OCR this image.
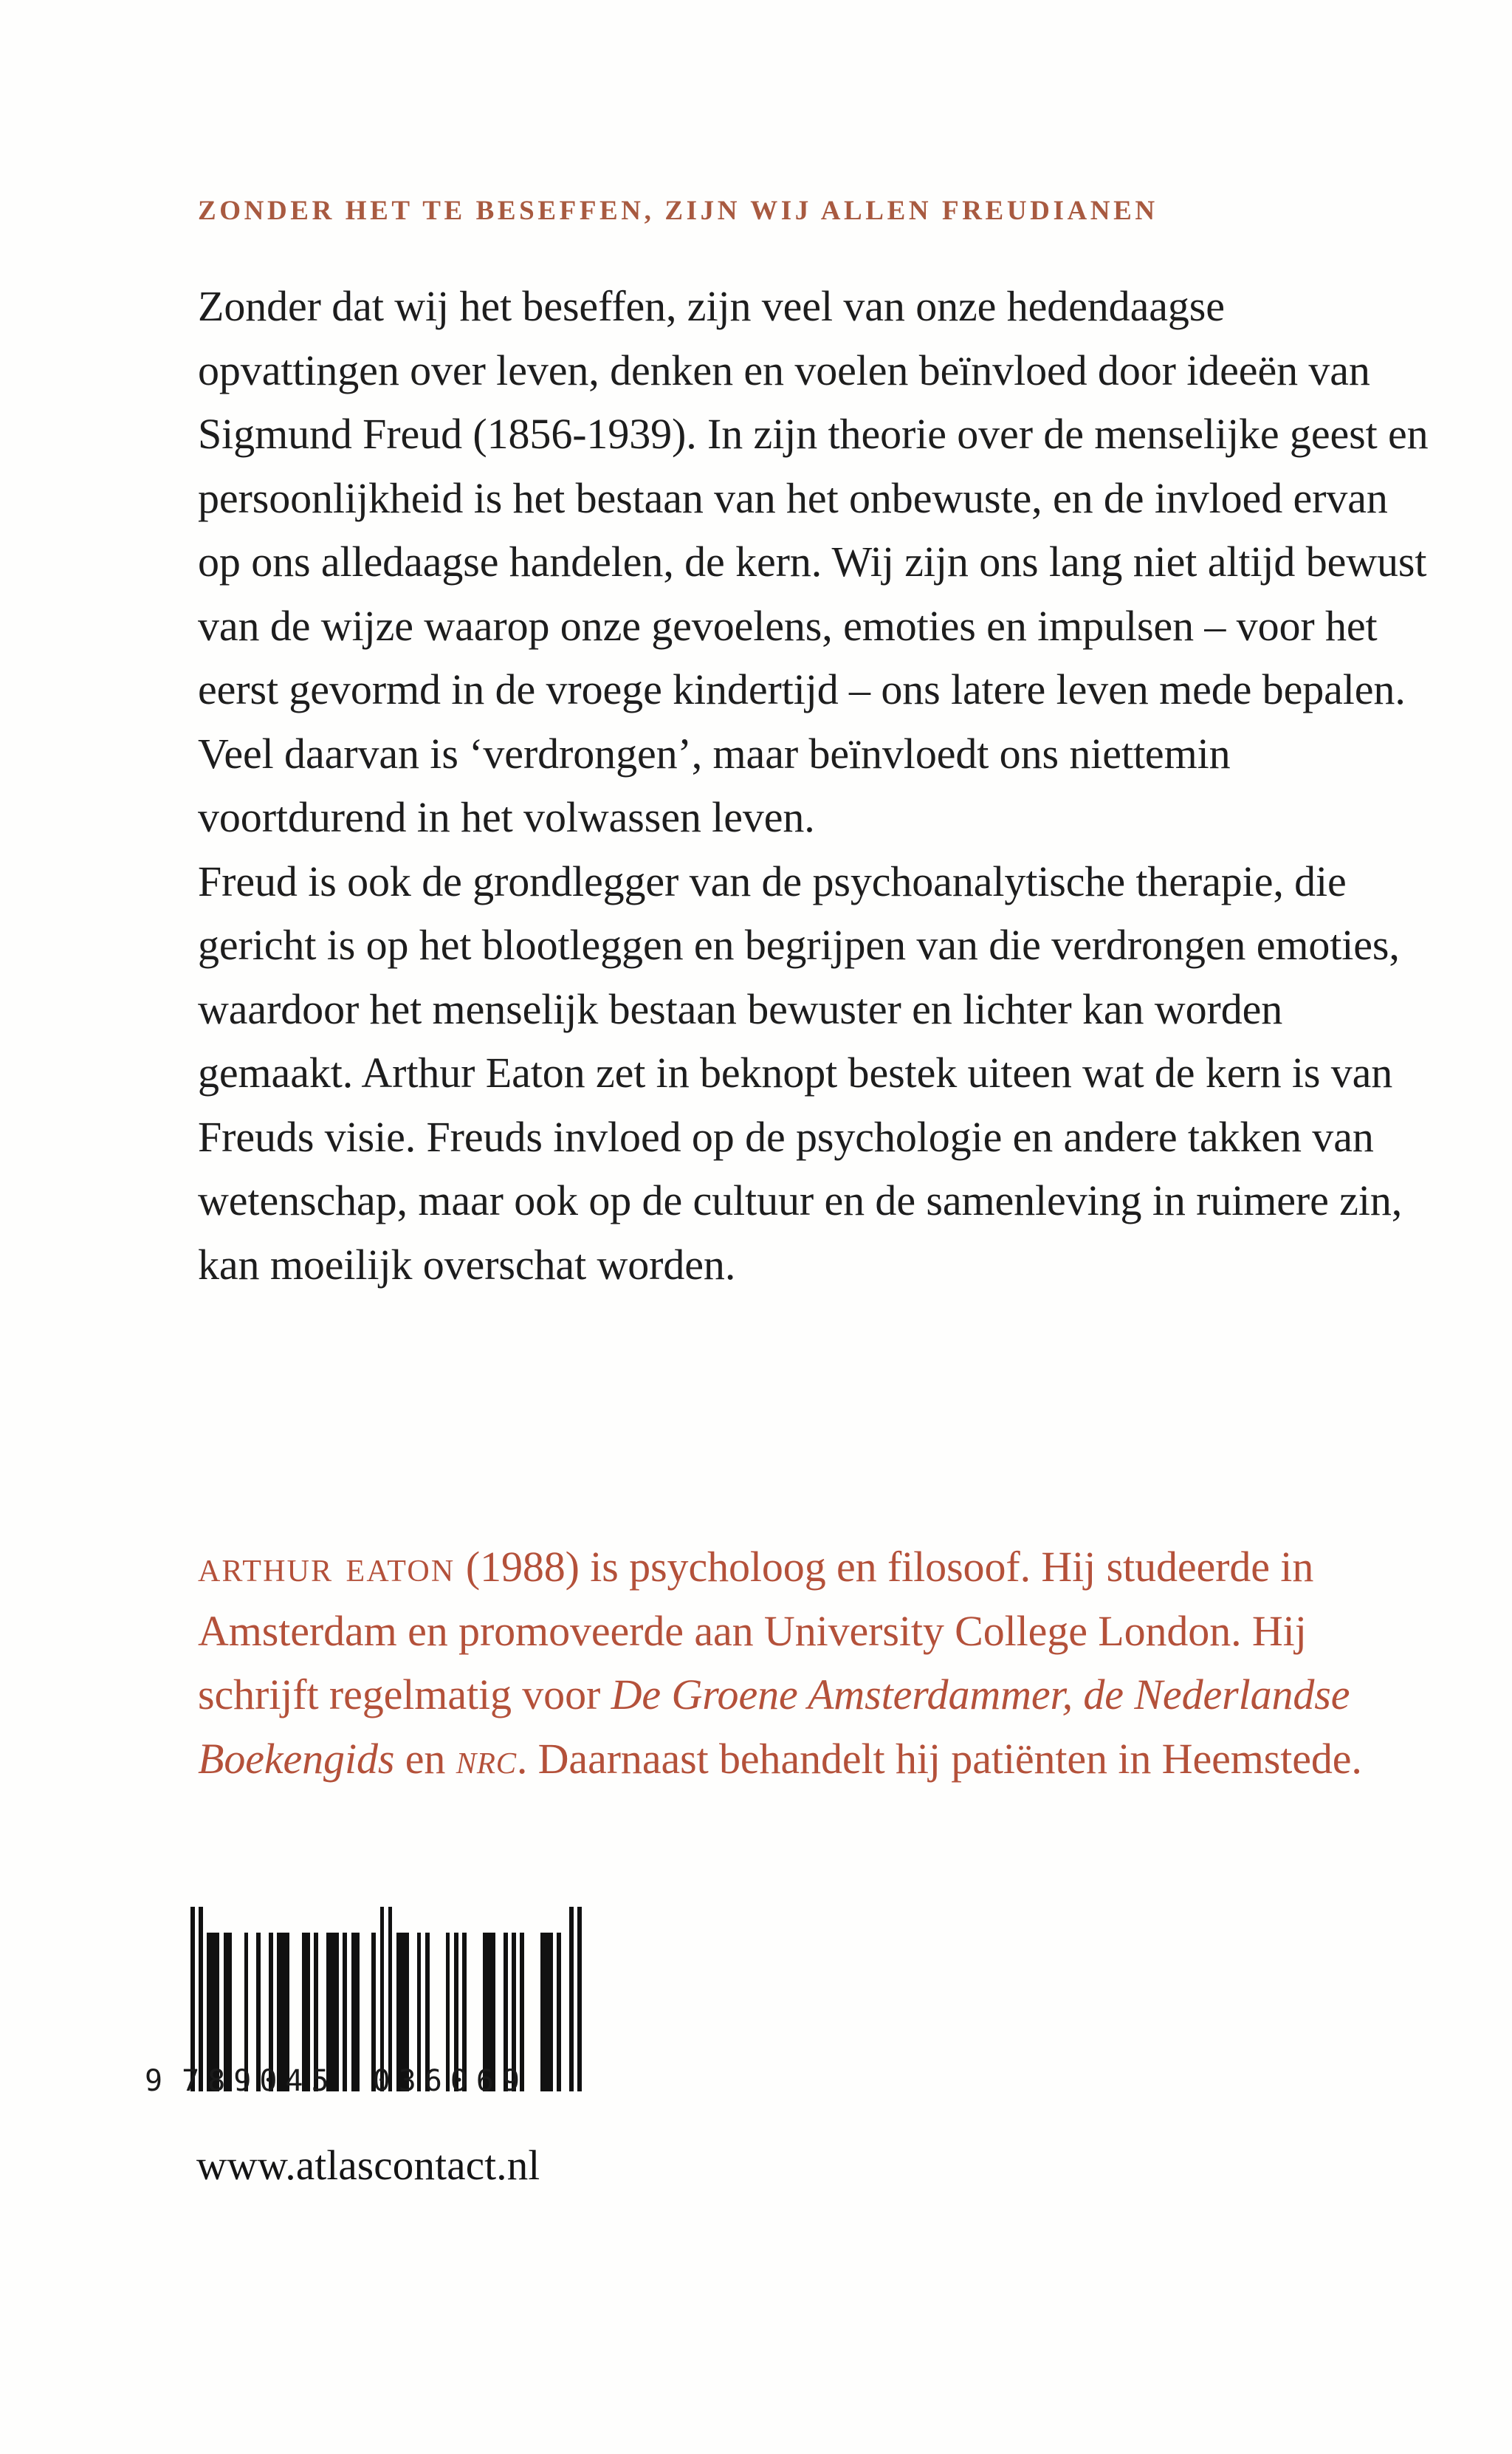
ZONDER HET TE BESEFFEN, ZIJN WIJ ALLEN FREUDIANEN

Zonder dat wij het beseffen, zijn veel van onze hedendaagse opvattingen over leven, denken en voelen beïnvloed door ideeën van Sigmund Freud (1856-1939). In zijn theorie over de menselijke geest en persoonlijkheid is het bestaan van het onbewuste, en de invloed ervan op ons alledaagse handelen, de kern. Wij zijn ons lang niet altijd bewust van de wijze waarop onze gevoelens, emoties en impulsen – voor het eerst gevormd in de vroege kindertijd – ons latere leven mede bepalen. Veel daarvan is ‘verdrongen’, maar beïnvloedt ons niettemin voortdurend in het volwassen leven.

Freud is ook de grondlegger van de psychoanalytische therapie, die gericht is op het blootleggen en begrijpen van die verdrongen emoties, waardoor het menselijk bestaan bewuster en lichter kan worden gemaakt. Arthur Eaton zet in beknopt bestek uiteen wat de kern is van Freuds visie. Freuds invloed op de psychologie en andere takken van wetenschap, maar ook op de cultuur en de samenleving in ruimere zin, kan moeilijk overschat worden.

arthur eaton (1988) is psycholoog en filosoof. Hij studeerde in Amsterdam en promoveerde aan University College London. Hij schrijft regelmatig voor De Groene Amsterdammer, de Nederlandse Boekengids en nrc. Daarnaast behandelt hij patiënten in Heemstede.

9 789045 036069
www.atlascontact.nl
